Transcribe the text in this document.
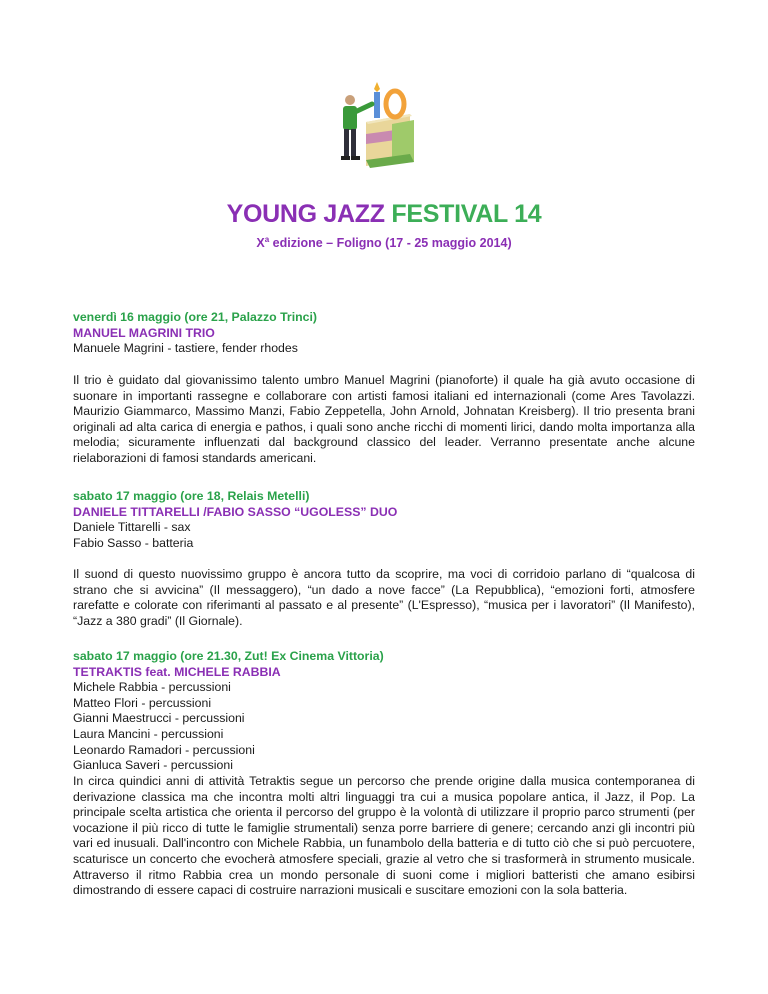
YOUNG JAZZ FESTIVAL 14
$X^a$ edizione – Foligno (17 - 25 maggio 2014)
venerdì 16 maggio (ore 21, Palazzo Trinci)
MANUEL MAGRINI TRIO
Manuele Magrini - tastiere, fender rhodes

Il trio è guidato dal giovanissimo talento umbro Manuel Magrini (pianoforte) il quale ha già avuto occasione di suonare in importanti rassegne e collaborare con artisti famosi italiani ed internazionali (come Ares Tavolazzi. Maurizio Giammarco, Massimo Manzi, Fabio Zeppetella, John Arnold, Johnatan Kreisberg). Il trio presenta brani originali ad alta carica di energia e pathos, i quali sono anche ricchi di momenti lirici, dando molta importanza alla melodia; sicuramente influenzati dal background classico del leader. Verranno presentate anche alcune rielaborazioni di famosi standards americani.

sabato 17 maggio (ore 18, Relais Metelli)
DANIELE TITTARELLI /FABIO SASSO “UGOLESS” DUO
Daniele Tittarelli - sax
Fabio Sasso - batteria

Il suond di questo nuovissimo gruppo è ancora tutto da scoprire, ma voci di corridoio parlano di “qualcosa di strano che si avvicina” (Il messaggero), “un dado a nove facce” (La Repubblica), “emozioni forti, atmosfere rarefatte e colorate con riferimanti al passato e al presente” (L'Espresso), “musica per i lavoratori” (Il Manifesto), “Jazz a 380 gradi” (Il Giornale).

sabato 17 maggio (ore 21.30, Zut! Ex Cinema Vittoria)
TETRAKTIS feat. MICHELE RABBIA
Michele Rabbia - percussioni
Matteo Flori - percussioni
Gianni Maestrucci - percussioni
Laura Mancini - percussioni
Leonardo Ramadori - percussioni
Gianluca Saveri - percussioni

In circa quindici anni di attività Tetraktis segue un percorso che prende origine dalla musica contemporanea di derivazione classica ma che incontra molti altri linguaggi tra cui a musica popolare antica, il Jazz, il Pop. La principale scelta artistica che orienta il percorso del gruppo è la volontà di utilizzare il proprio parco strumenti (per vocazione il più ricco di tutte le famiglie strumentali) senza porre barriere di genere; cercando anzi gli incontri più vari ed inusuali. Dall'incontro con Michele Rabbia, un funambolo della batteria e di tutto ciò che si può percuotere, scaturisce un concerto che evocherà atmosfere speciali, grazie al vetro che si trasformerà in strumento musicale. Attraverso il ritmo Rabbia crea un mondo personale di suoni come i migliori batteristi che amano esibirsi dimostrando di essere capaci di costruire narrazioni musicali e suscitare emozioni con la sola batteria.
